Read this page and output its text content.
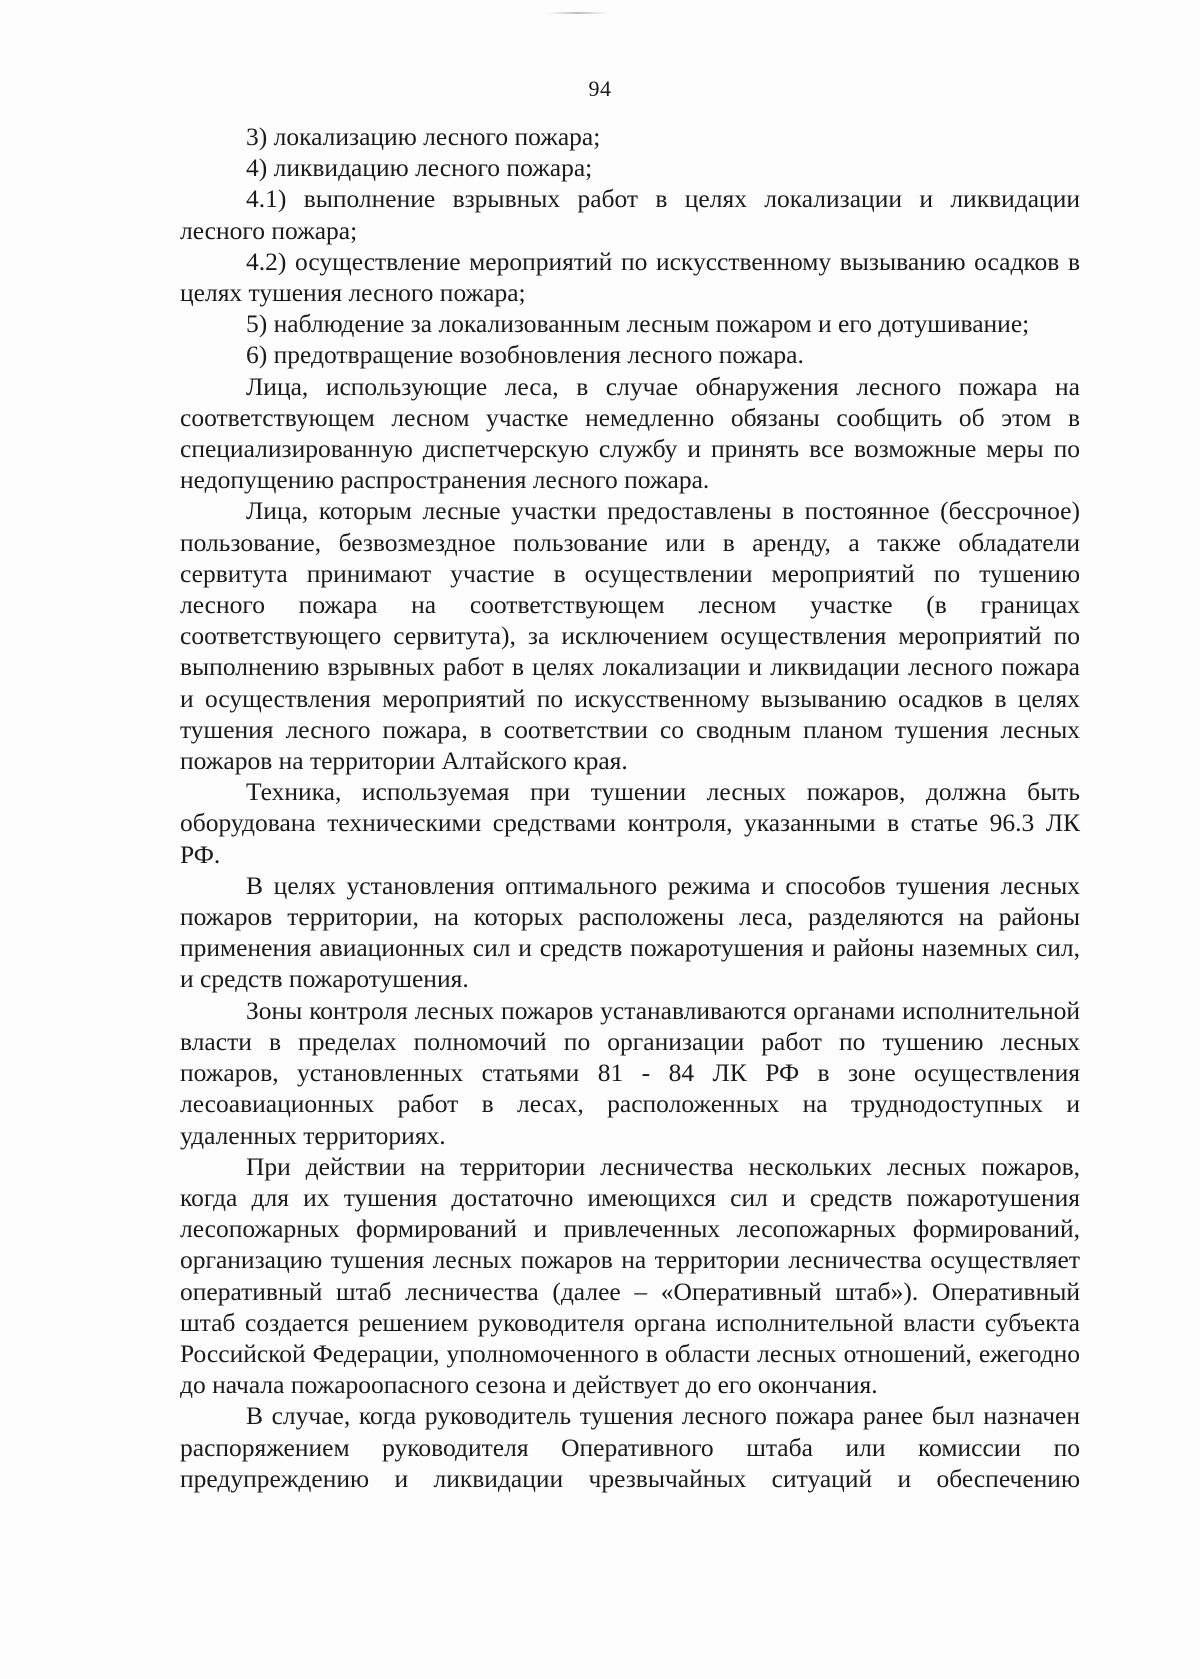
94

3) локализацию лесного пожара;

4) ликвидацию лесного пожара;

4.1) выполнение взрывных работ в целях локализации и ликвидации лесного пожара;

4.2) осуществление мероприятий по искусственному вызыванию осадков в целях тушения лесного пожара;

5) наблюдение за локализованным лесным пожаром и его дотушивание;

6) предотвращение возобновления лесного пожара.

Лица, использующие леса, в случае обнаружения лесного пожара на соответствующем лесном участке немедленно обязаны сообщить об этом в специализированную диспетчерскую службу и принять все возможные меры по недопущению распространения лесного пожара.

Лица, которым лесные участки предоставлены в постоянное (бессрочное) пользование, безвозмездное пользование или в аренду, а также обладатели сервитута принимают участие в осуществлении мероприятий по тушению лесного пожара на соответствующем лесном участке (в границах соответствующего сервитута), за исключением осуществления мероприятий по выполнению взрывных работ в целях локализации и ликвидации лесного пожара и осуществления мероприятий по искусственному вызыванию осадков в целях тушения лесного пожара, в соответствии со сводным планом тушения лесных пожаров на территории Алтайского края.

Техника, используемая при тушении лесных пожаров, должна быть оборудована техническими средствами контроля, указанными в статье 96.3 ЛК РФ.

В целях установления оптимального режима и способов тушения лесных пожаров территории, на которых расположены леса, разделяются на районы применения авиационных сил и средств пожаротушения и районы наземных сил, и средств пожаротушения.

Зоны контроля лесных пожаров устанавливаются органами исполнительной власти в пределах полномочий по организации работ по тушению лесных пожаров, установленных статьями 81 - 84 ЛК РФ в зоне осуществления лесоавиационных работ в лесах, расположенных на труднодоступных и удаленных территориях.

При действии на территории лесничества нескольких лесных пожаров, когда для их тушения достаточно имеющихся сил и средств пожаротушения лесопожарных формирований и привлеченных лесопожарных формирований, организацию тушения лесных пожаров на территории лесничества осуществляет оперативный штаб лесничества (далее – «Оперативный штаб»). Оперативный штаб создается решением руководителя органа исполнительной власти субъекта Российской Федерации, уполномоченного в области лесных отношений, ежегодно до начала пожароопасного сезона и действует до его окончания.

В случае, когда руководитель тушения лесного пожара ранее был назначен распоряжением руководителя Оперативного штаба или комиссии по предупреждению и ликвидации чрезвычайных ситуаций и обеспечению
